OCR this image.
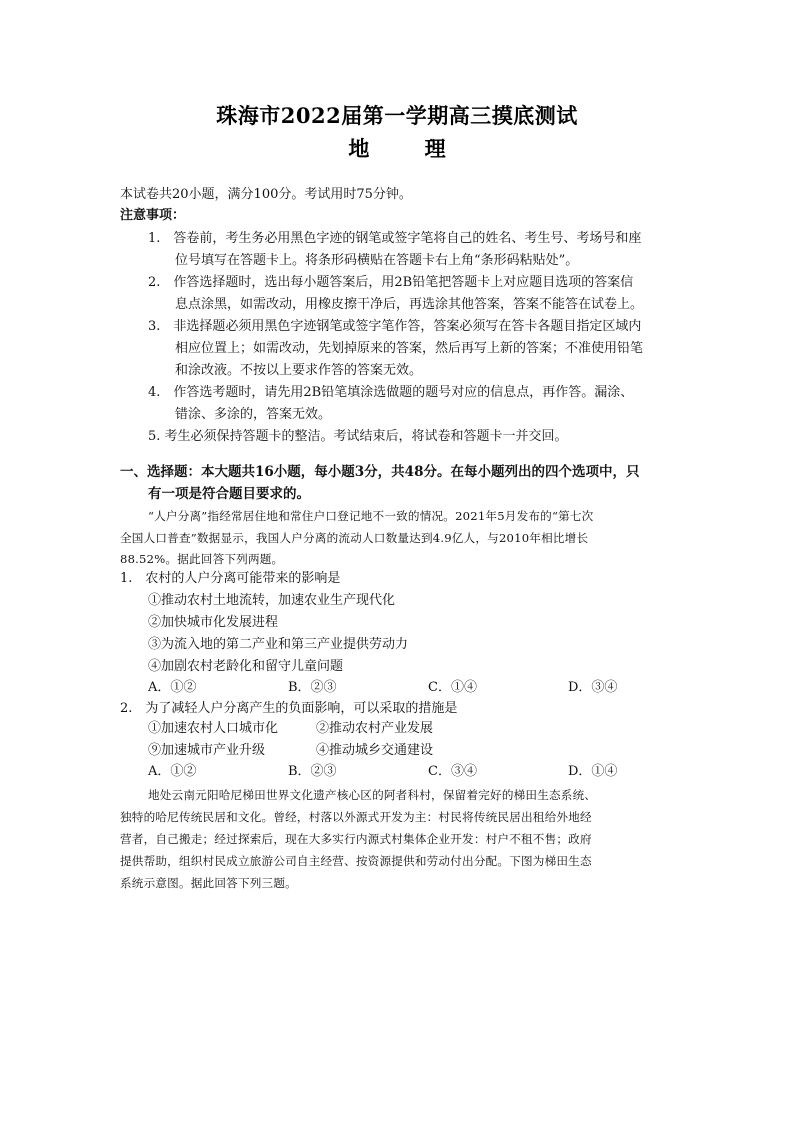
珠海市2022届第一学期高三摸底测试
地 理
本试卷共20小题，满分100分。考试用时75分钟。
注意事项：
1.　答卷前，考生务必用黑色字迹的钢笔或签字笔将自己的姓名、考生号、考场号和座
位号填写在答题卡上。将条形码横贴在答题卡右上角“条形码粘贴处”。
2.　作答选择题时，选出每小题答案后，用2B铅笔把答题卡上对应题目选项的答案信
息点涂黑，如需改动，用橡皮擦干净后，再选涂其他答案，答案不能答在试卷上。
3.　非选择题必须用黑色字迹钢笔或签字笔作答，答案必须写在答卡各题目指定区域内
相应位置上；如需改动，先划掉原来的答案，然后再写上新的答案；不准使用铅笔
和涂改液。不按以上要求作答的答案无效。
4.　作答选考题时，请先用2B铅笔填涂选做题的题号对应的信息点，再作答。漏涂、
错涂、多涂的，答案无效。
5. 考生必须保持答题卡的整洁。考试结束后，将试卷和答题卡一并交回。
一、选择题：本大题共16小题，每小题3分，共48分。在每小题列出的四个选项中，只
有一项是符合题目要求的。
“人户分离”指经常居住地和常住户口登记地不一致的情况。2021年5月发布的“第七次
全国人口普查”数据显示，我国人户分离的流动人口数量达到4.9亿人，与2010年相比增长
88.52%。据此回答下列两题。
1.　农村的人户分离可能带来的影响是
①推动农村土地流转，加速农业生产现代化
②加快城市化发展进程
③为流入地的第二产业和第三产业提供劳动力
④加剧农村老龄化和留守儿童问题
A．①②	B．②③	C．①④	D．③④
2.　为了减轻人户分离产生的负面影响，可以采取的措施是
①加速农村人口城市化	②推动农村产业发展
⑨加速城市产业升级	④推动城乡交通建设
A．①②	B．②③	C．③④	D．①④
地处云南元阳哈尼梯田世界文化遗产核心区的阿者科村，保留着完好的梯田生态系统、
独特的哈尼传统民居和文化。曾经，村落以外源式开发为主：村民将传统民居出租给外地经
营者，自己搬走；经过探索后，现在大多实行内源式村集体企业开发：村户不租不售；政府
提供帮助，组织村民成立旅游公司自主经营、按资源提供和劳动付出分配。下图为梯田生态
系统示意图。据此回答下列三题。
